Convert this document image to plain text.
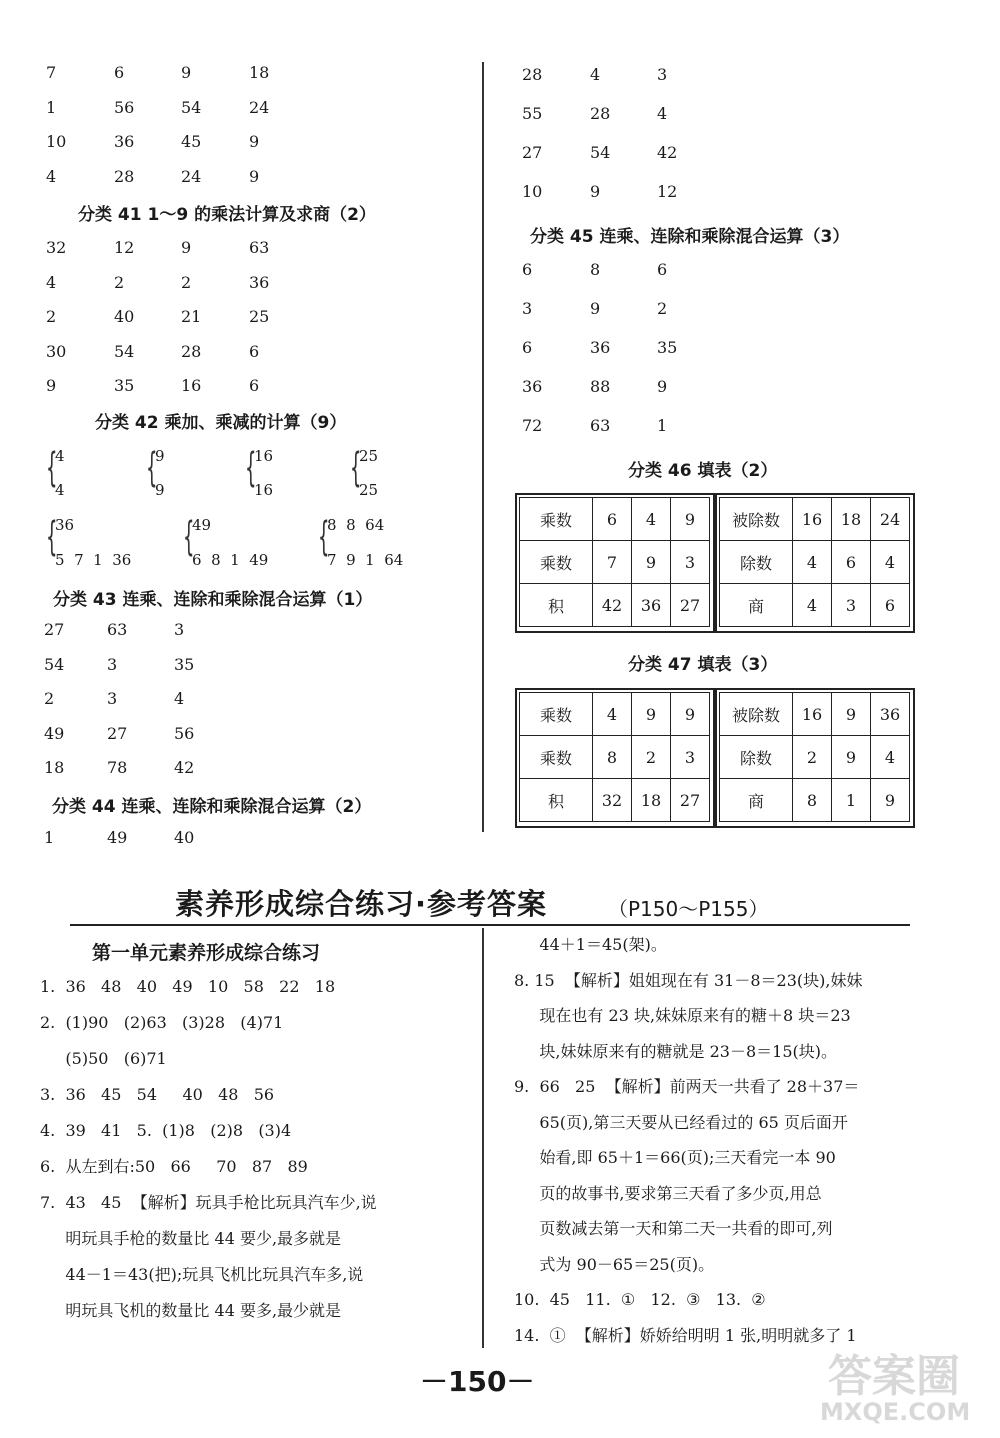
7	6	9	18
1	56	54	24
10	36	45	9
4	28	24	9
分类 41 1～9 的乘法计算及求商（2）
32	12	9	63
4	2	2	36
2	40	21	25
30	54	28	6
9	35	16	6
分类 42 乘加、乘减的计算（9）
{
4
4 {
9
9 {
16
16 {
25
25
{
36
5  7  1  36 {
49
6  8  1  49 {
8  8  64
7  9  1  64
分类 43 连乘、连除和乘除混合运算（1）
27	63	3
54	3	35
2	3	4
49	27	56
18	78	42
分类 44 连乘、连除和乘除混合运算（2）
1	49	40
28	4	3
55	28	4
27	54	42
10	9	12
分类 45 连乘、连除和乘除混合运算（3）
6	8	6
3	9	2
6	36	35
36	88	9
72	63	1
分类 46 填表（2）
乘数	6	4	9
乘数	7	9	3
积	42	36	27
被除数	16	18	24
除数	4	6	4
商	4	3	6
分类 47 填表（3）
乘数	4	9	9
乘数	8	2	3
积	32	18	27
被除数	16	9	36
除数	2	9	4
商	8	1	9
素养形成综合练习·参考答案	（P150～P155）
第一单元素养形成综合练习
1.  36   48   40   49   10   58   22   18
2.  (1)90   (2)63   (3)28   (4)71
(5)50   (6)71
3.  36   45   54     40   48   56
4.  39   41   5.  (1)8   (2)8   (3)4
6.  从左到右:50   66     70   87   89
7.  43   45  【解析】玩具手枪比玩具汽车少,说
明玩具手枪的数量比 44 要少,最多就是
44－1＝43(把);玩具飞机比玩具汽车多,说
明玩具飞机的数量比 44 要多,最少就是
44＋1＝45(架)。
8. 15  【解析】姐姐现在有 31－8＝23(块),妹妹
现在也有 23 块,妹妹原来有的糖＋8 块＝23
块,妹妹原来有的糖就是 23－8＝15(块)。
9.  66   25  【解析】前两天一共看了 28＋37＝
65(页),第三天要从已经看过的 65 页后面开
始看,即 65＋1＝66(页);三天看完一本 90
页的故事书,要求第三天看了多少页,用总
页数减去第一天和第二天一共看的即可,列
式为 90－65＝25(页)。
10.  45   11.  ①   12.  ③   13.  ②
14.  ①  【解析】娇娇给明明 1 张,明明就多了 1
－150－	答案圈
MXQE.COM
